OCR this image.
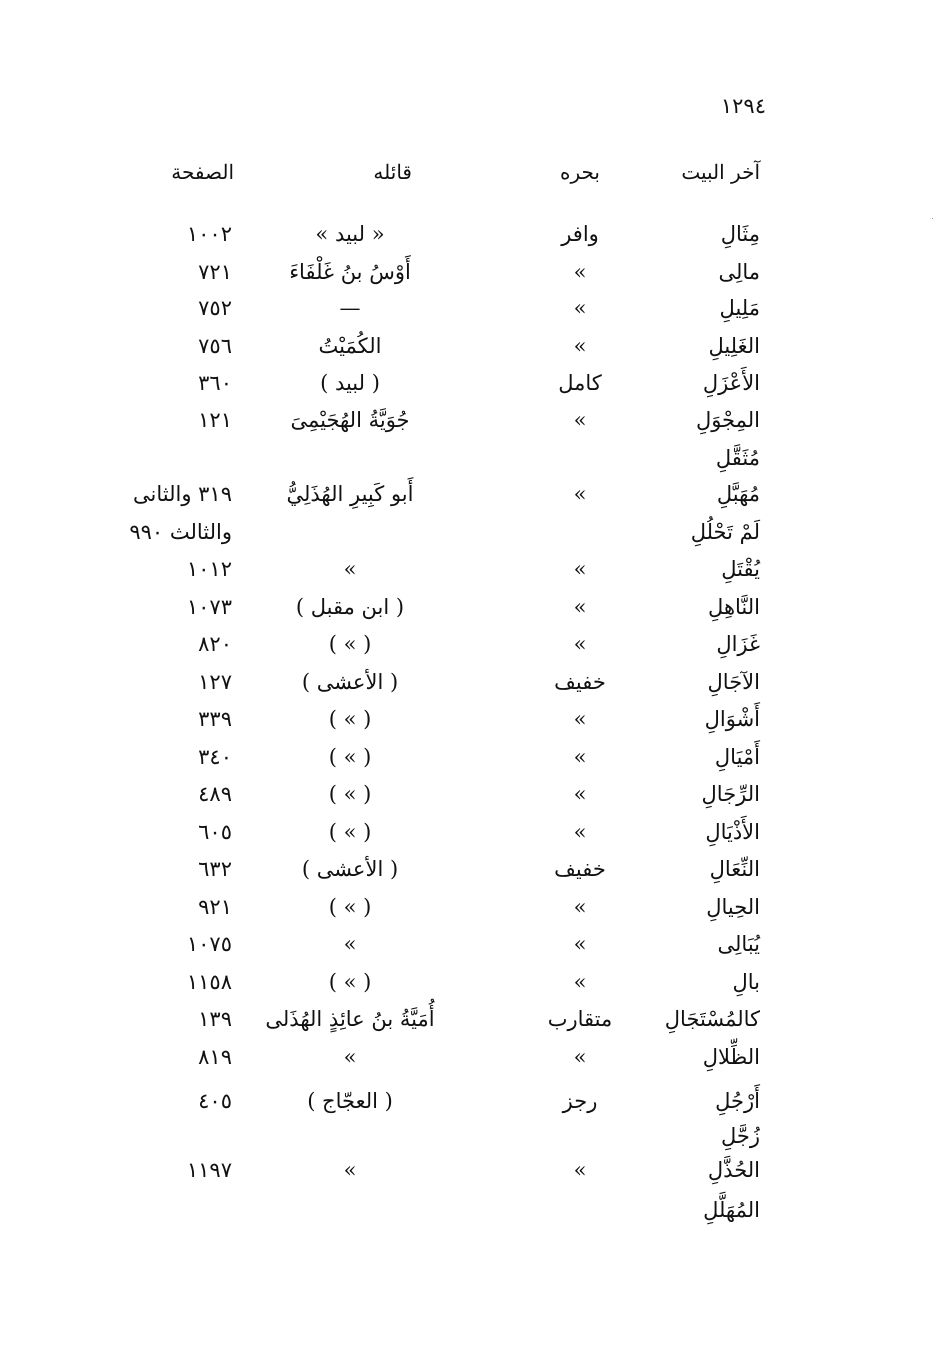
١٢٩٤
آخر البيت
بحره
قائله
الصفحة
مِثَالِ
وافر
« لبيد »
١٠٠٢
مالِى
»
أَوْسُ بنُ غَلْفَاءَ
٧٢١
مَلِيلِ
»
—
٧٥٢
الغَلِيلِ
»
الكُمَيْتُ
٧٥٦
الأَعْزَلِ
كامل
( لبيد )
٣٦٠
المِجْوَلِ
»
جُوَيَّةُ الهُجَيْمِىَ
١٢١
مُثَقَّلِ
مُهَبَّلِ
»
أَبو كَبِيرِ الهُذَلِيُّ
٣١٩ والثانى
لَمْ تَحْلُلِ
والثالث ٩٩٠
يُقْتَلِ
»
»
١٠١٢
النَّاهِلِ
»
( ابن مقبل )
١٠٧٣
غَزَالِ
»
( » )
٨٢٠
الآجَالِ
خفيف
( الأعشى )
١٢٧
أَشْوَالِ
»
( » )
٣٣٩
أَمْيَالِ
»
( » )
٣٤٠
الرِّجَالِ
»
( » )
٤٨٩
الأَذْيَالِ
»
( » )
٦٠٥
النِّعَالِ
خفيف
( الأعشى )
٦٣٢
الحِيالِ
»
( » )
٩٢١
يُبَالِى
»
»
١٠٧٥
بالِ
»
( » )
١١٥٨
كالمُسْتَجَالِ
متقارب
أُمَيَّةُ بنُ عائِذٍ الهُذَلى
١٣٩
الظِّلالِ
»
»
٨١٩
أَرْجُلِ
رجز
( العجّاج )
٤٠٥
زُجَّلِ
الحُذَّلِ
»
»
١١٩٧
المُهَلَّلِ
